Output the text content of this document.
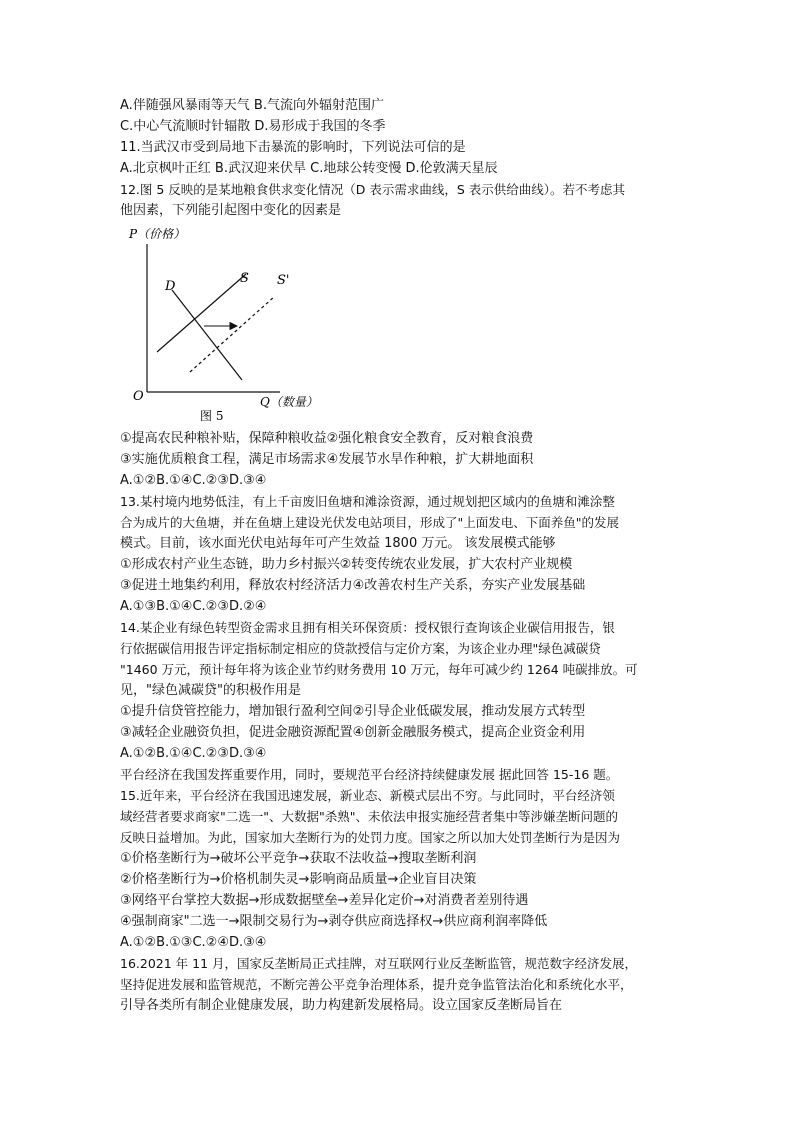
A.伴随强风暴雨等天气 B.气流向外辐射范围广
C.中心气流顺时针辐散 D.易形成于我国的冬季
11.当武汉市受到局地下击暴流的影响时，下列说法可信的是
A.北京枫叶正红 B.武汉迎来伏旱 C.地球公转变慢 D.伦敦满天星辰
12.图 5 反映的是某地粮食供求变化情况（D 表示需求曲线，S 表示供给曲线）。若不考虑其
他因素，下列能引起图中变化的因素是
P（价格）
Q（数量）
O
D
S S'
图 5
①提高农民种粮补贴，保障种粮收益②强化粮食安全教育，反对粮食浪费
③实施优质粮食工程，满足市场需求④发展节水旱作种粮，扩大耕地面积
A.①②B.①④C.②③D.③④
13.某村境内地势低洼，有上千亩废旧鱼塘和滩涂资源，通过规划把区域内的鱼塘和滩涂整
合为成片的大鱼塘，并在鱼塘上建设光伏发电站项目，形成了"上面发电、下面养鱼"的发展
模式。目前，该水面光伏电站每年可产生效益 1800 万元。 该发展模式能够
①形成农村产业生态链，助力乡村振兴②转变传统农业发展，扩大农村产业规模
③促进土地集约利用，释放农村经济活力④改善农村生产关系，夯实产业发展基础
A.①③B.①④C.②③D.②④
14.某企业有绿色转型资金需求且拥有相关环保资质：授权银行查询该企业碳信用报告，银
行依据碳信用报告评定指标制定相应的贷款授信与定价方案，为该企业办理"绿色减碳贷
"1460 万元，预计每年将为该企业节约财务费用 10 万元，每年可减少约 1264 吨碳排放。可
见，"绿色减碳贷"的积极作用是
①提升信贷管控能力，增加银行盈利空间②引导企业低碳发展，推动发展方式转型
③减轻企业融资负担，促进金融资源配置④创新金融服务模式，提高企业资金利用
A.①②B.①④C.②③D.③④
平台经济在我国发挥重要作用，同时，要规范平台经济持续健康发展 据此回答 15-16 题。
15.近年来，平台经济在我国迅速发展，新业态、新模式层出不穷。与此同时，平台经济领
域经营者要求商家"二选一"、大数据"杀熟"、未依法申报实施经营者集中等涉嫌垄断问题的
反映日益增加。为此，国家加大垄断行为的处罚力度。国家之所以加大处罚垄断行为是因为
①价格垄断行为→破坏公平竞争→获取不法收益→搜取垄断利润
②价格垄断行为→价格机制失灵→影响商品质量→企业盲目决策
③网络平台掌控大数据→形成数据壁垒→差异化定价→对消费者差别待遇
④强制商家"二选一→限制交易行为→剥夺供应商选择权→供应商利润率降低
A.①②B.①③C.②④D.③④
16.2021 年 11 月，国家反垄断局正式挂牌，对互联网行业反垄断监管，规范数字经济发展，
坚持促进发展和监管规范，不断完善公平竞争治理体系，提升竞争监管法治化和系统化水平，
引导各类所有制企业健康发展，助力构建新发展格局。设立国家反垄断局旨在
